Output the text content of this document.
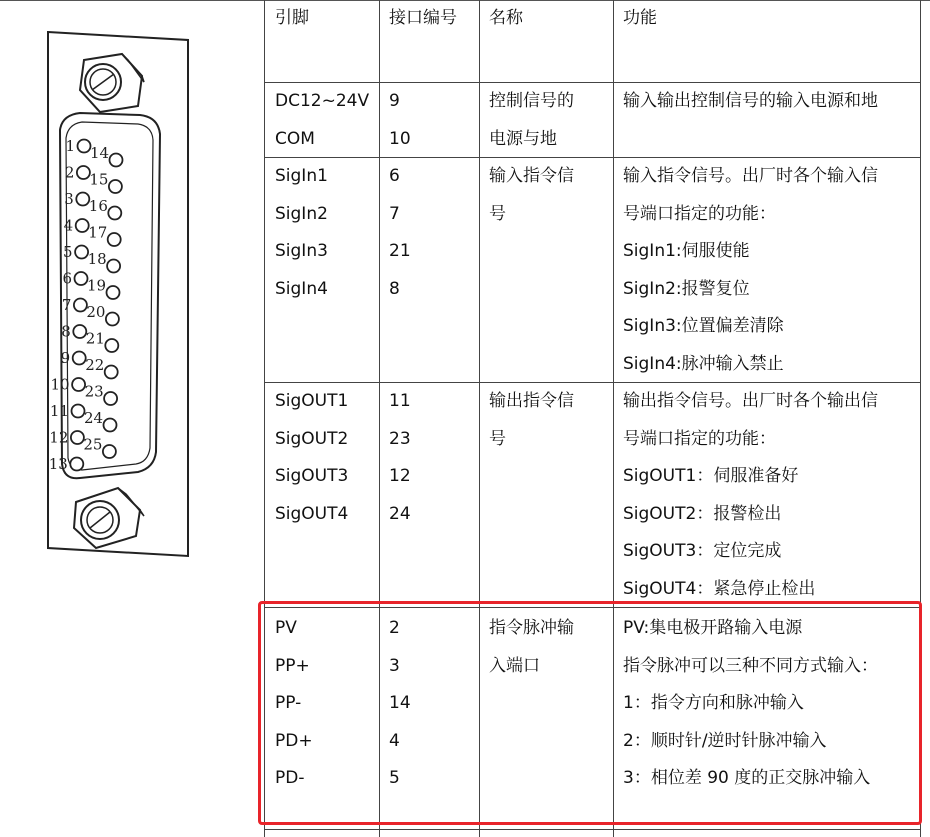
1
2
3
4
5
6
7
8
9
10
11
12
13
14
15
16
17
18
19
20
21
22
23
24
25
引脚	接口编号 名称	功能
DC12~24V
COM
9
10
控制信号的
电源与地
输入输出控制信号的输入电源和地
SigIn1
SigIn2
SigIn3
SigIn4
6
7
21
8
输入指令信
号
输入指令信号。出厂时各个输入信
号端口指定的功能：
SigIn1:伺服使能
SigIn2:报警复位
SigIn3:位置偏差清除
SigIn4:脉冲输入禁止
SigOUT1
SigOUT2
SigOUT3
SigOUT4
11
23
12
24
输出指令信
号
输出指令信号。出厂时各个输出信
号端口指定的功能：
SigOUT1：伺服准备好
SigOUT2：报警检出
SigOUT3：定位完成
SigOUT4：紧急停止检出
PV
PP+
PP-
PD+
PD-
2
3
14
4
5
指令脉冲输
入端口
PV:集电极开路输入电源
指令脉冲可以三种不同方式输入：
1：指令方向和脉冲输入
2：顺时针/逆时针脉冲输入
3：相位差 90 度的正交脉冲输入
